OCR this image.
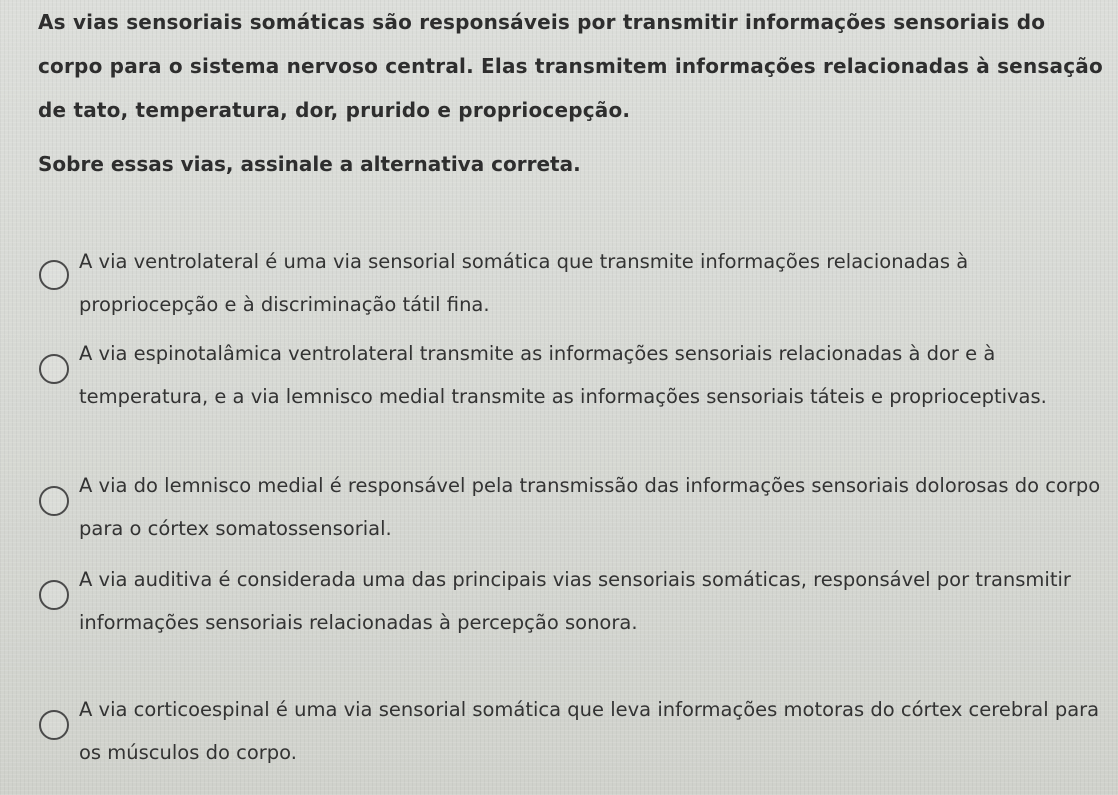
As vias sensoriais somáticas são responsáveis por transmitir informações sensoriais do corpo para o sistema nervoso central. Elas transmitem informações relacionadas à sensação de tato, temperatura, dor, prurido e propriocepção.

Sobre essas vias, assinale a alternativa correta.

A via ventrolateral é uma via sensorial somática que transmite informações relacionadas à propriocepção e à discriminação tátil fina.

A via espinotalâmica ventrolateral transmite as informações sensoriais relacionadas à dor e à temperatura, e a via lemnisco medial transmite as informações sensoriais táteis e proprioceptivas.

A via do lemnisco medial é responsável pela transmissão das informações sensoriais dolorosas do corpo para o córtex somatossensorial.

A via auditiva é considerada uma das principais vias sensoriais somáticas, responsável por transmitir informações sensoriais relacionadas à percepção sonora.

A via corticoespinal é uma via sensorial somática que leva informações motoras do córtex cerebral para os músculos do corpo.
